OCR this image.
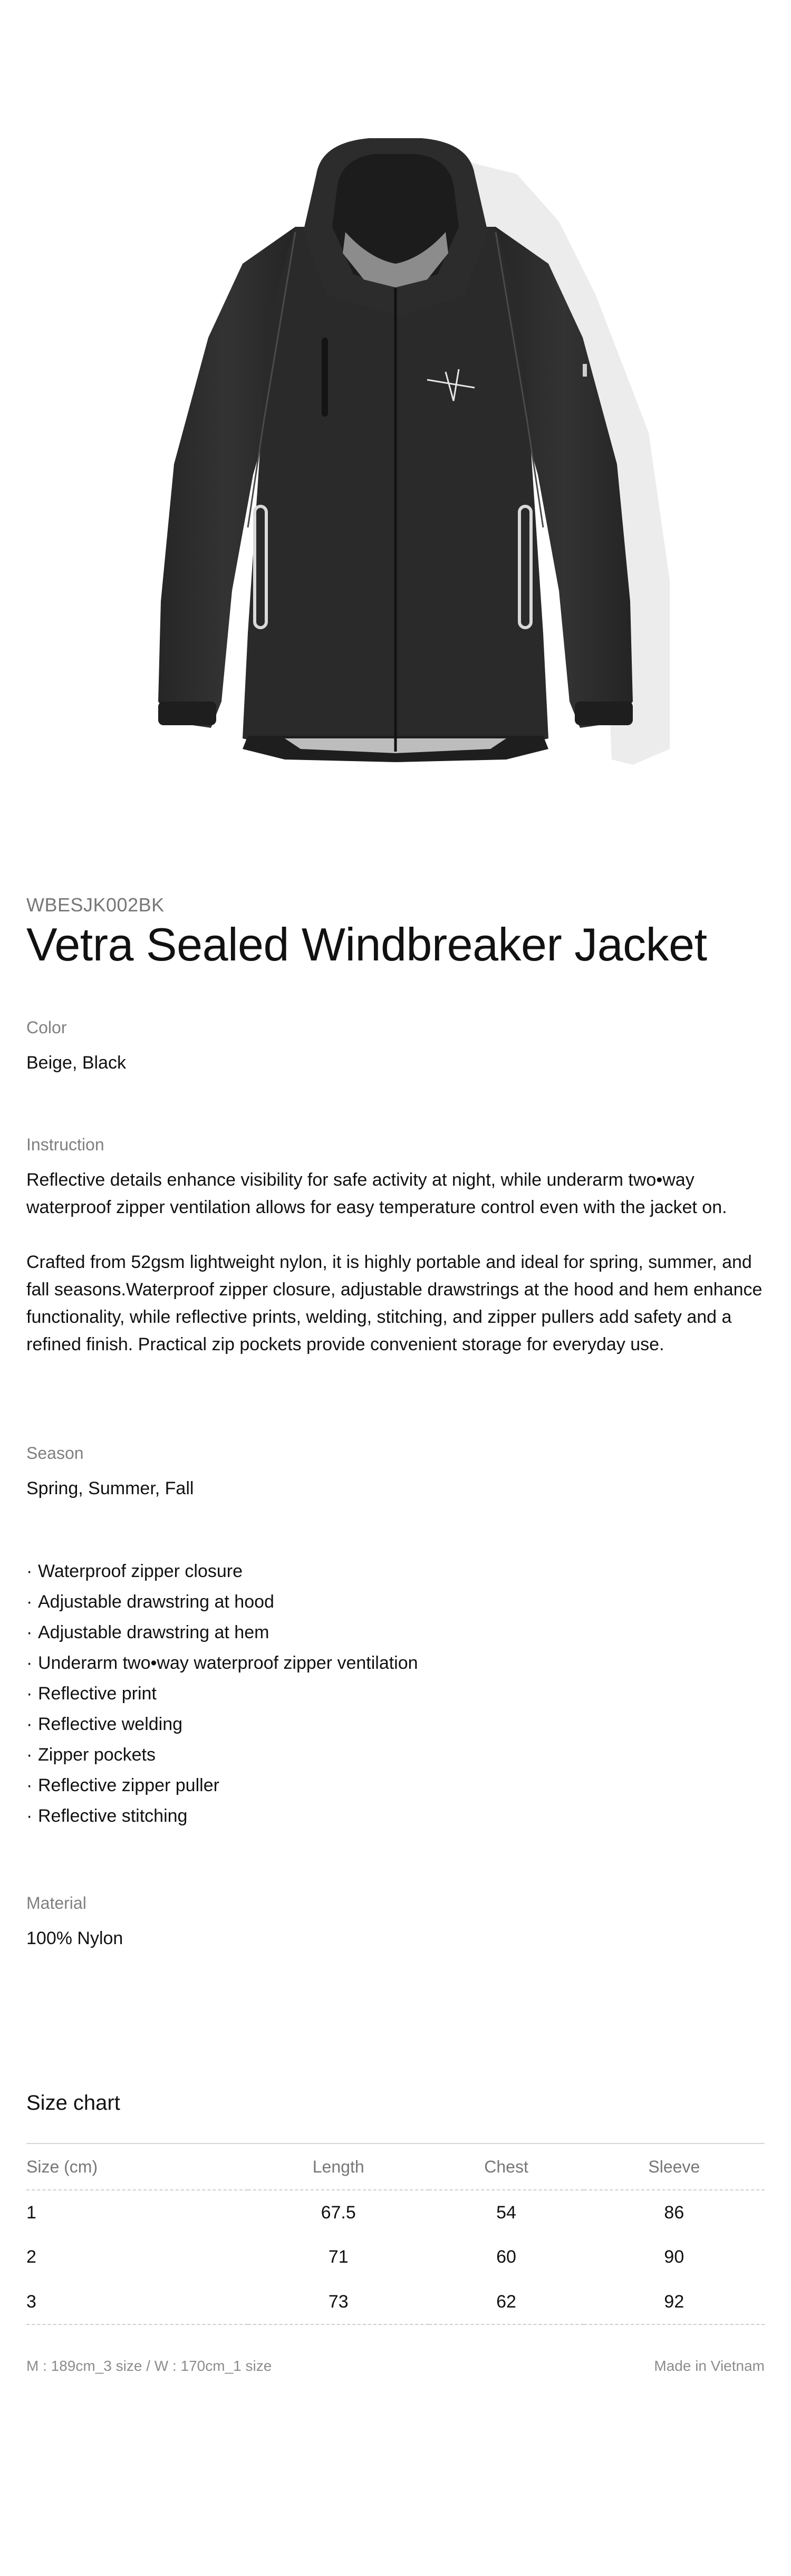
WBESJK002BK
Vetra Sealed Windbreaker Jacket
Color
Beige, Black
Instruction

Reflective details enhance visibility for safe activity at night, while underarm two•way waterproof zipper ventilation allows for easy temperature control even with the jacket on.

Crafted from 52gsm lightweight nylon, it is highly portable and ideal for spring, summer, and fall seasons.Waterproof zipper closure, adjustable drawstrings at the hood and hem enhance functionality, while reflective prints, welding, stitching, and zipper pullers add safety and a refined finish. Practical zip pockets provide convenient storage for everyday use.

Season
Spring, Summer, Fall
· Waterproof zipper closure
· Adjustable drawstring at hood
· Adjustable drawstring at hem
· Underarm two•way waterproof zipper ventilation
· Reflective print
· Reflective welding
· Zipper pockets
· Reflective zipper puller
· Reflective stitching
Material
100% Nylon
Size chart
Size (cm)	Length	Chest	Sleeve
1	67.5	54	86
2	71	60	90
3	73	62	92
M : 189cm_3 size / W : 170cm_1 size	Made in Vietnam
